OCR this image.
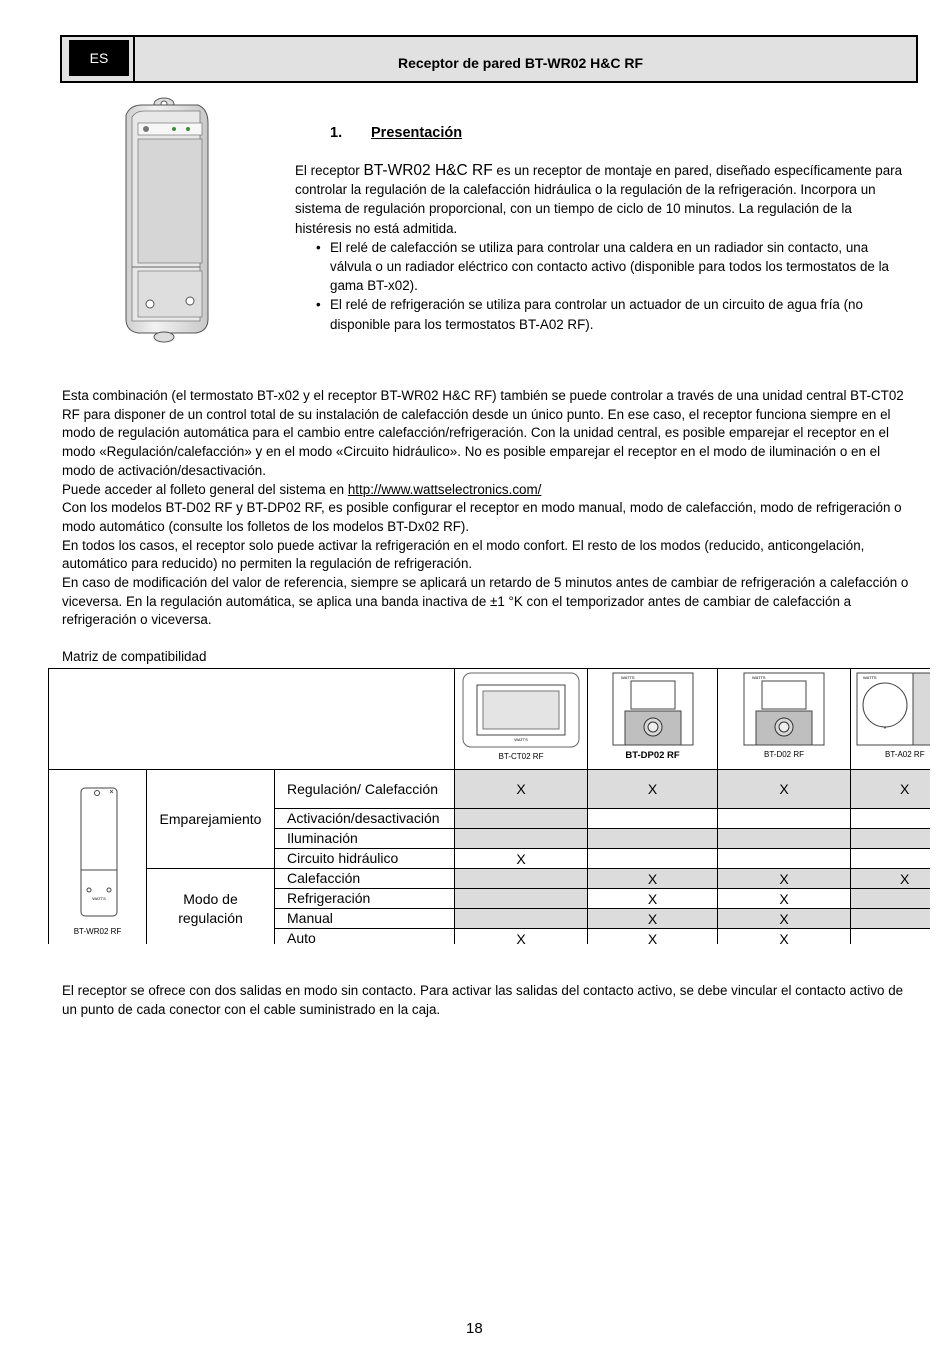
ES	Receptor de pared BT-WR02 H&C RF
1. Presentación

El receptor BT-WR02 H&C RF es un receptor de montaje en pared, diseñado específicamente para controlar la regulación de la calefacción hidráulica o la regulación de la refrigeración. Incorpora un sistema de regulación proporcional, con un tiempo de ciclo de 10 minutos. La regulación de la histéresis no está admitida.

• El relé de calefacción se utiliza para controlar una caldera en un radiador sin contacto, una válvula o un radiador eléctrico con contacto activo (disponible para todos los termostatos de la gama BT-x02).
• El relé de refrigeración se utiliza para controlar un actuador de un circuito de agua fría (no disponible para los termostatos BT-A02 RF).

Esta combinación (el termostato BT-x02 y el receptor BT-WR02 H&C RF) también se puede controlar a través de una unidad central BT-CT02 RF para disponer de un control total de su instalación de calefacción desde un único punto. En ese caso, el receptor funciona siempre en el modo de regulación automática para el cambio entre calefacción/refrigeración. Con la unidad central, es posible emparejar el receptor en el modo «Regulación/calefacción» y en el modo «Circuito hidráulico». No es posible emparejar el receptor en el modo de iluminación o en el modo de activación/desactivación.

Puede acceder al folleto general del sistema en http://www.wattselectronics.com/

Con los modelos BT-D02 RF y BT-DP02 RF, es posible configurar el receptor en modo manual, modo de calefacción, modo de refrigeración o modo automático (consulte los folletos de los modelos BT-Dx02 RF).

En todos los casos, el receptor solo puede activar la refrigeración en el modo confort. El resto de los modos (reducido, anticongelación, automático para reducido) no permiten la regulación de refrigeración.

En caso de modificación del valor de referencia, siempre se aplicará un retardo de 5 minutos antes de cambiar de refrigeración a calefacción o viceversa. En la regulación automática, se aplica una banda inactiva de ±1 °K con el temporizador antes de cambiar de calefacción a refrigeración o viceversa.

Matriz de compatibilidad

WATTS
BT-CT02 RF	WATTS
BT-DP02 RF	WATTS
BT-D02 RF	WATTS
*
BT-A02 RF

WATTS
BT-WR02 RF	Emparejamiento	Regulación/ Calefacción	X	X	X	X
		Activación/desactivación				
		Iluminación				
		Circuito hidráulico	X			
	Modo de regulación	Calefacción		X	X	X
		Refrigeración		X	X	
		Manual		X	X	
		Auto	X	X	X	
El receptor se ofrece con dos salidas en modo sin contacto. Para activar las salidas del contacto activo, se debe vincular el contacto activo de un punto de cada conector con el cable suministrado en la caja.
18
